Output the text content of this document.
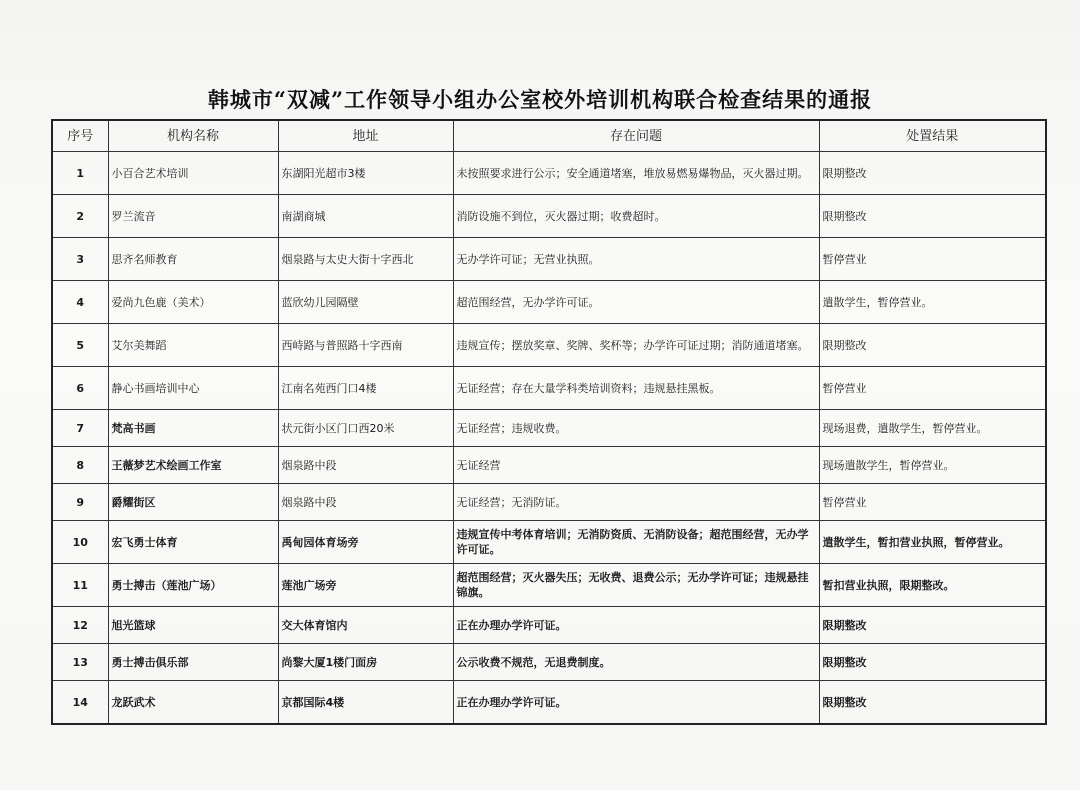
韩城市“双减”工作领导小组办公室校外培训机构联合检查结果的通报
序号	机构名称	地址	存在问题	处置结果
1	小百合艺术培训	东湖阳光超市3楼	未按照要求进行公示；安全通道堵塞，堆放易燃易爆物品，灭火器过期。	限期整改
2	罗兰流音	南湖商城	消防设施不到位，灭火器过期；收费超时。	限期整改
3	思齐名师教育	烟泉路与太史大街十字西北	无办学许可证；无营业执照。	暂停营业
4	爱尚九色鹿（美术）	蓝欣幼儿园隔壁	超范围经营，无办学许可证。	遣散学生，暂停营业。
5	艾尔美舞蹈	西峙路与普照路十字西南	违规宣传；摆放奖章、奖牌、奖杯等；办学许可证过期；消防通道堵塞。	限期整改
6	静心书画培训中心	江南名苑西门口4楼	无证经营；存在大量学科类培训资料；违规悬挂黑板。	暂停营业
7	梵高书画	状元街小区门口西20米	无证经营；违规收费。	现场退费，遣散学生，暂停营业。
8	王薇梦艺术绘画工作室	烟泉路中段	无证经营	现场遣散学生，暂停营业。
9	爵耀街区	烟泉路中段	无证经营；无消防证。	暂停营业
10	宏飞勇士体育	禹甸园体育场旁	违规宣传中考体育培训；无消防资质、无消防设备；超范围经营，无办学许可证。	遣散学生，暂扣营业执照，暂停营业。
11	勇士搏击（莲池广场）	莲池广场旁	超范围经营；灭火器失压；无收费、退费公示；无办学许可证；违规悬挂锦旗。	暂扣营业执照，限期整改。
12	旭光篮球	交大体育馆内	正在办理办学许可证。	限期整改
13	勇士搏击俱乐部	尚黎大厦1楼门面房	公示收费不规范，无退费制度。	限期整改
14	龙跃武术	京都国际4楼	正在办理办学许可证。	限期整改
